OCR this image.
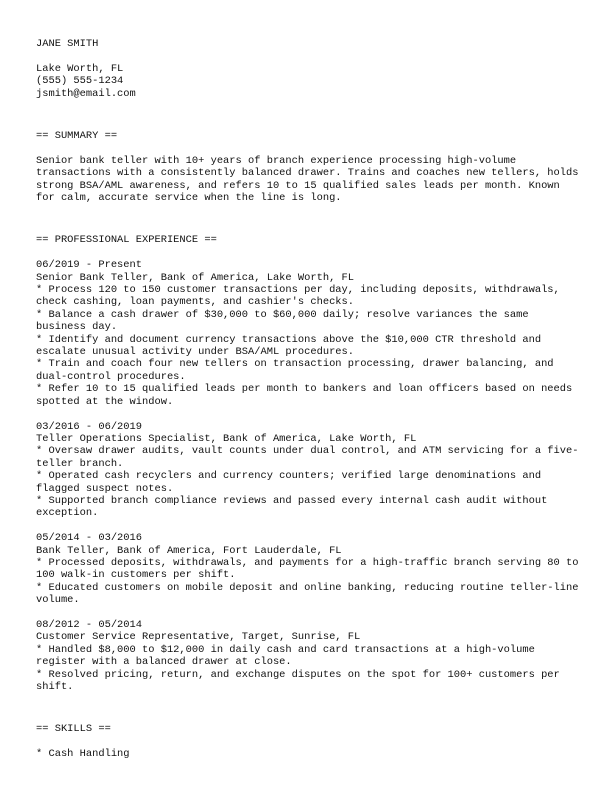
JANE SMITH

Lake Worth, FL

(555) 555-1234

jsmith@email.com

== SUMMARY ==

Senior bank teller with 10+ years of branch experience processing high-volume transactions with a consistently balanced drawer. Trains and coaches new tellers, holds strong BSA/AML awareness, and refers 10 to 15 qualified sales leads per month. Known for calm, accurate service when the line is long.

== PROFESSIONAL EXPERIENCE ==

06/2019 - Present

Senior Bank Teller, Bank of America, Lake Worth, FL

* Process 120 to 150 customer transactions per day, including deposits, withdrawals, check cashing, loan payments, and cashier's checks.
* Balance a cash drawer of $30,000 to $60,000 daily; resolve variances the same business day.
* Identify and document currency transactions above the $10,000 CTR threshold and escalate unusual activity under BSA/AML procedures.
* Train and coach four new tellers on transaction processing, drawer balancing, and dual-control procedures.
* Refer 10 to 15 qualified leads per month to bankers and loan officers based on needs spotted at the window.

03/2016 - 06/2019

Teller Operations Specialist, Bank of America, Lake Worth, FL

* Oversaw drawer audits, vault counts under dual control, and ATM servicing for a five-teller branch.
* Operated cash recyclers and currency counters; verified large denominations and flagged suspect notes.
* Supported branch compliance reviews and passed every internal cash audit without exception.

05/2014 - 03/2016

Bank Teller, Bank of America, Fort Lauderdale, FL

* Processed deposits, withdrawals, and payments for a high-traffic branch serving 80 to 100 walk-in customers per shift.
* Educated customers on mobile deposit and online banking, reducing routine teller-line volume.

08/2012 - 05/2014

Customer Service Representative, Target, Sunrise, FL

* Handled $8,000 to $12,000 in daily cash and card transactions at a high-volume register with a balanced drawer at close.
* Resolved pricing, return, and exchange disputes on the spot for 100+ customers per shift.

== SKILLS ==

* Cash Handling
